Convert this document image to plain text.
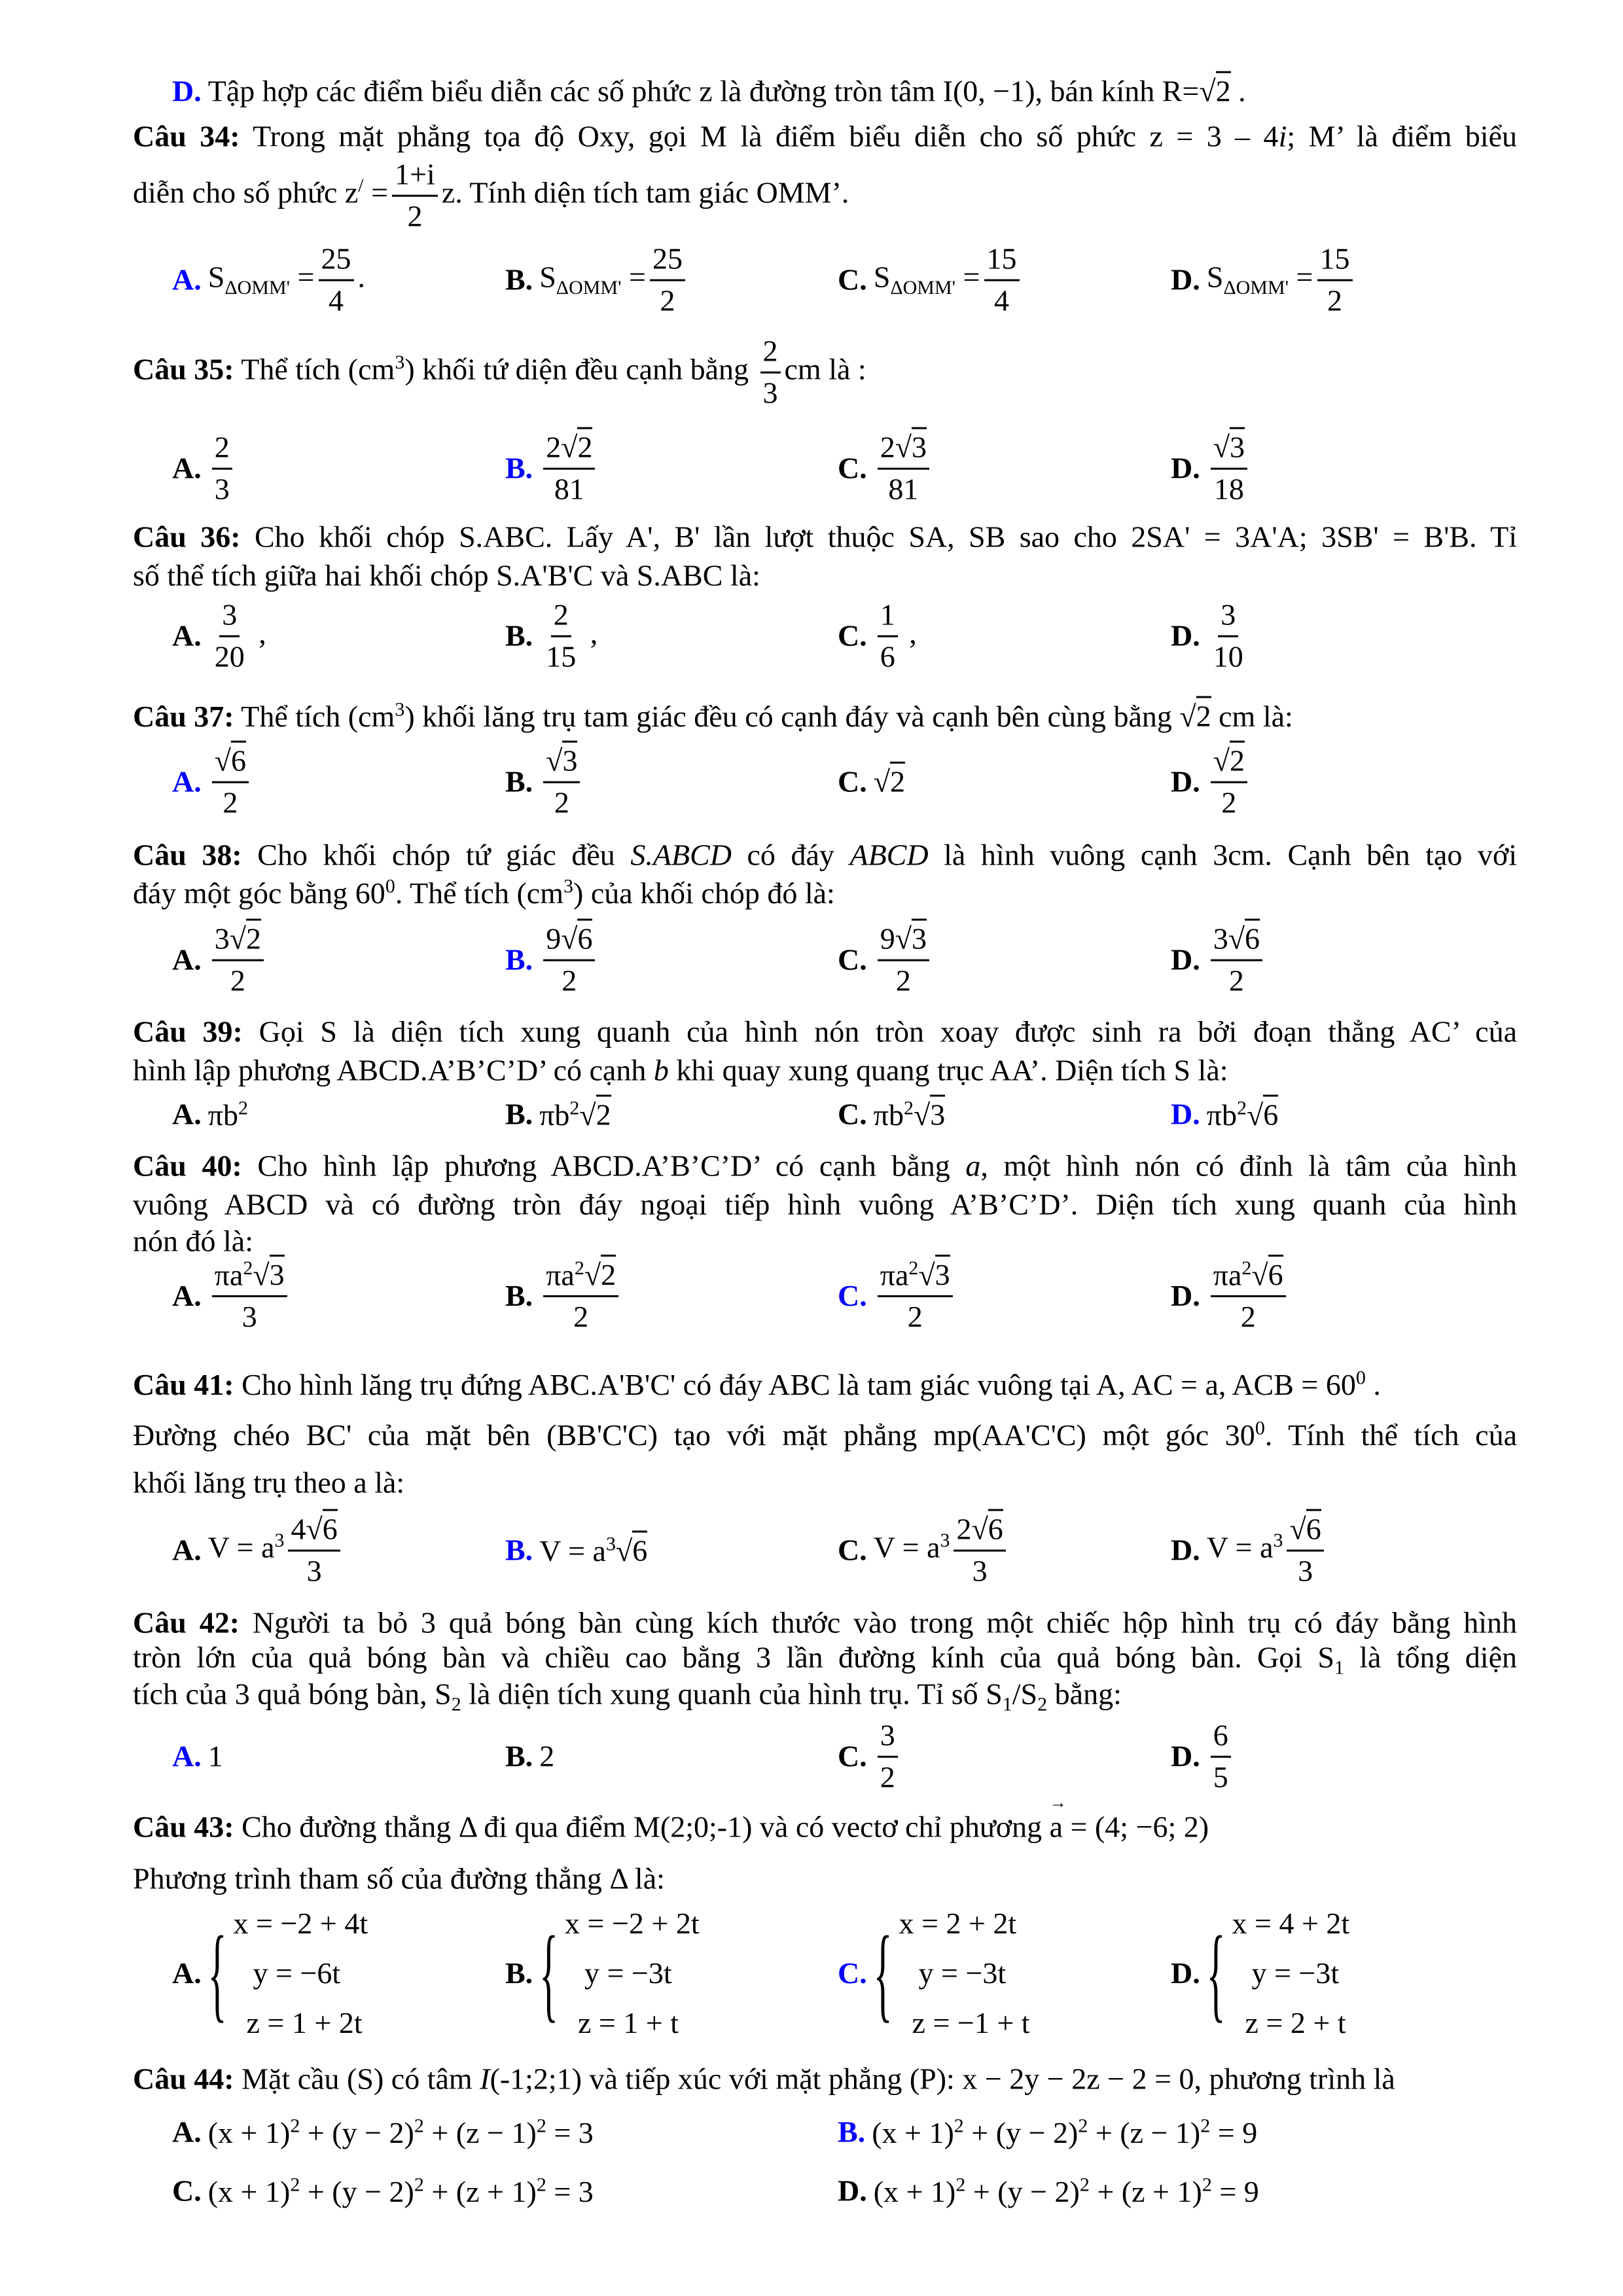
D. Tập hợp các điểm biểu diễn các số phức z là đường tròn tâm I(0, −1), bán kính R=√2 .
Câu 34: Trong mặt phẳng tọa độ Oxy, gọi M là điểm biểu diễn cho số phức z = 3 – 4i; M’ là điểm biểu
diễn cho số phức $z^/ = \frac{1+i}{2} z$. Tính diện tích tam giác OMM’.
A. $S_{\Delta OMM'} = \frac{25}{4}$ .	B. $S_{\Delta OMM'} = \frac{25}{2}$	C. $S_{\Delta OMM'} = \frac{15}{4}$	D. $S_{\Delta OMM'} = \frac{15}{2}$
Câu 35: Thể tích $(cm^3)$ khối tứ diện đều cạnh bằng $\frac{2}{3}$ cm là :
A. $\frac{2}{3}$	B. $\frac{2√2}{81}$	C. $\frac{2√3}{81}$	D. $\frac{√3}{18}$
Câu 36: Cho khối chóp S.ABC. Lấy A', B' lần lượt thuộc SA, SB sao cho 2SA' = 3A'A; 3SB' = B'B. Tỉ
số thể tích giữa hai khối chóp S.A'B'C và S.ABC là:
A. $\frac{3}{20}$ ,	B. $\frac{2}{15}$ ,	C. $\frac{1}{6}$ ,	D. $\frac{3}{10}$
Câu 37: Thể tích $(cm^3)$ khối lăng trụ tam giác đều có cạnh đáy và cạnh bên cùng bằng √2 cm là:
A. $\frac{√6}{2}$	B. $\frac{√3}{2}$	C. √2	D. $\frac{√2}{2}$
Câu 38: Cho khối chóp tứ giác đều S.ABCD có đáy ABCD là hình vuông cạnh 3cm. Cạnh bên tạo với
đáy một góc bằng $60^0$. Thể tích $(cm^3)$ của khối chóp đó là:
A. $\frac{3√2}{2}$	B. $\frac{9√6}{2}$	C. $\frac{9√3}{2}$	D. $\frac{3√6}{2}$
Câu 39: Gọi S là diện tích xung quanh của hình nón tròn xoay được sinh ra bởi đoạn thẳng AC’ của
hình lập phương ABCD.A’B’C’D’ có cạnh b khi quay xung quang trục AA’. Diện tích S là:
A. $\pi b^2$	B. $\pi b^2√2$	C. $\pi b^2√3$	D. $\pi b^2√6$
Câu 40: Cho hình lập phương ABCD.A’B’C’D’ có cạnh bằng a, một hình nón có đỉnh là tâm của hình
vuông ABCD và có đường tròn đáy ngoại tiếp hình vuông A’B’C’D’. Diện tích xung quanh của hình
nón đó là:
A. $\frac{\pi a^2√3}{3}$	B. $\frac{\pi a^2√2}{2}$	C. $\frac{\pi a^2√3}{2}$	D. $\frac{\pi a^2√6}{2}$
Câu 41: Cho hình lăng trụ đứng ABC.A'B'C' có đáy ABC là tam giác vuông tại A, AC = a, ACB = $60^0$ .
Đường chéo BC' của mặt bên (BB'C'C) tạo với mặt phẳng mp(AA'C'C) một góc $30^0$. Tính thể tích của
khối lăng trụ theo a là:
A. $V = a^3 \frac{4√6}{3}$	B. $V = a^3√6$	C. $V = a^3 \frac{2√6}{3}$	D. $V = a^3 \frac{√6}{3}$
Câu 42: Người ta bỏ 3 quả bóng bàn cùng kích thước vào trong một chiếc hộp hình trụ có đáy bằng hình
tròn lớn của quả bóng bàn và chiều cao bằng 3 lần đường kính của quả bóng bàn. Gọi $S_1$ là tổng diện
tích của 3 quả bóng bàn, $S_2$ là diện tích xung quanh của hình trụ. Tỉ số $S_1/S_2$ bằng:
A. 1	B. 2	C. $\frac{3}{2}$	D. $\frac{6}{5}$
Câu 43: Cho đường thẳng Δ đi qua điểm M(2;0;-1) và có vectơ chỉ phương → a = (4; −6; 2)
Phương trình tham số của đường thẳng Δ là:
A. { x = −2 + 4t
y = −6t
z = 1 + 2t
B. { x = −2 + 2t
y = −3t
z = 1 + t
C. { x = 2 + 2t
y = −3t
z = −1 + t
D. { x = 4 + 2t
y = −3t
z = 2 + t
Câu 44: Mặt cầu (S) có tâm I(-1;2;1) và tiếp xúc với mặt phẳng (P): x − 2y − 2z − 2 = 0, phương trình là
A. $(x + 1)^2 + (y - 2)^2 + (z - 1)^2 = 3$	B. $(x + 1)^2 + (y - 2)^2 + (z - 1)^2 = 9$
C. $(x + 1)^2 + (y - 2)^2 + (z + 1)^2 = 3$	D. $(x + 1)^2 + (y - 2)^2 + (z + 1)^2 = 9$
